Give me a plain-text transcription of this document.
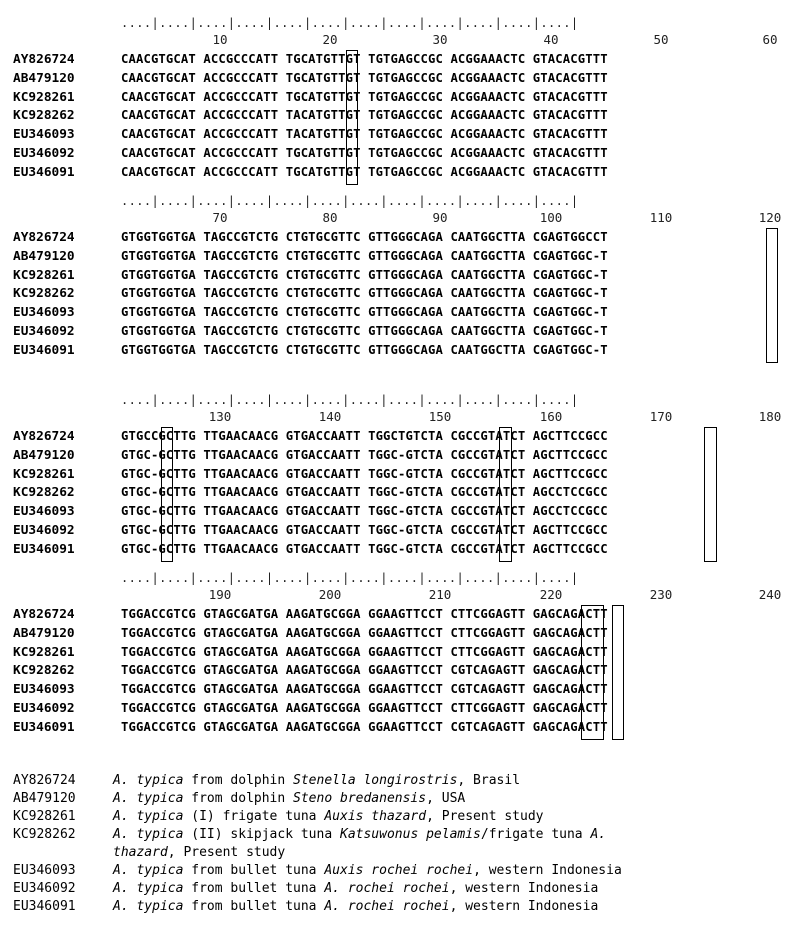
....|....|....|....|....|....|....|....|....|....|....|....|
10	20	30	40	50	60
AY826724	CAACGTGCAT ACCGCCCATT TGCATGTTGT TGTGAGCCGC ACGGAAACTC GTACACGTTT
AB479120	CAACGTGCAT ACCGCCCATT TGCATGTTGT TGTGAGCCGC ACGGAAACTC GTACACGTTT
KC928261	CAACGTGCAT ACCGCCCATT TGCATGTTGT TGTGAGCCGC ACGGAAACTC GTACACGTTT
KC928262	CAACGTGCAT ACCGCCCATT TACATGTTGT TGTGAGCCGC ACGGAAACTC GTACACGTTT
EU346093	CAACGTGCAT ACCGCCCATT TACATGTTGT TGTGAGCCGC ACGGAAACTC GTACACGTTT
EU346092	CAACGTGCAT ACCGCCCATT TGCATGTTGT TGTGAGCCGC ACGGAAACTC GTACACGTTT
EU346091	CAACGTGCAT ACCGCCCATT TGCATGTTGT TGTGAGCCGC ACGGAAACTC GTACACGTTT
....|....|....|....|....|....|....|....|....|....|....|....|
70	80	90	100	110	120
AY826724	GTGGTGGTGA TAGCCGTCTG CTGTGCGTTC GTTGGGCAGA CAATGGCTTA CGAGTGGCCT
AB479120	GTGGTGGTGA TAGCCGTCTG CTGTGCGTTC GTTGGGCAGA CAATGGCTTA CGAGTGGC-T
KC928261	GTGGTGGTGA TAGCCGTCTG CTGTGCGTTC GTTGGGCAGA CAATGGCTTA CGAGTGGC-T
KC928262	GTGGTGGTGA TAGCCGTCTG CTGTGCGTTC GTTGGGCAGA CAATGGCTTA CGAGTGGC-T
EU346093	GTGGTGGTGA TAGCCGTCTG CTGTGCGTTC GTTGGGCAGA CAATGGCTTA CGAGTGGC-T
EU346092	GTGGTGGTGA TAGCCGTCTG CTGTGCGTTC GTTGGGCAGA CAATGGCTTA CGAGTGGC-T
EU346091	GTGGTGGTGA TAGCCGTCTG CTGTGCGTTC GTTGGGCAGA CAATGGCTTA CGAGTGGC-T
....|....|....|....|....|....|....|....|....|....|....|....|
130	140	150	160	170	180
AY826724	GTGCCGCTTG TTGAACAACG GTGACCAATT TGGCTGTCTA CGCCGTATCT AGCTTCCGCC
AB479120	GTGC-GCTTG TTGAACAACG GTGACCAATT TGGC-GTCTA CGCCGTATCT AGCTTCCGCC
KC928261	GTGC-GCTTG TTGAACAACG GTGACCAATT TGGC-GTCTA CGCCGTATCT AGCTTCCGCC
KC928262	GTGC-GCTTG TTGAACAACG GTGACCAATT TGGC-GTCTA CGCCGTATCT AGCCTCCGCC
EU346093	GTGC-GCTTG TTGAACAACG GTGACCAATT TGGC-GTCTA CGCCGTATCT AGCCTCCGCC
EU346092	GTGC-GCTTG TTGAACAACG GTGACCAATT TGGC-GTCTA CGCCGTATCT AGCTTCCGCC
EU346091	GTGC-GCTTG TTGAACAACG GTGACCAATT TGGC-GTCTA CGCCGTATCT AGCTTCCGCC
....|....|....|....|....|....|....|....|....|....|....|....|
190	200	210	220	230	240
AY826724	TGGACCGTCG GTAGCGATGA AAGATGCGGA GGAAGTTCCT CTTCGGAGTT GAGCAGACTT
AB479120	TGGACCGTCG GTAGCGATGA AAGATGCGGA GGAAGTTCCT CTTCGGAGTT GAGCAGACTT
KC928261	TGGACCGTCG GTAGCGATGA AAGATGCGGA GGAAGTTCCT CTTCGGAGTT GAGCAGACTT
KC928262	TGGACCGTCG GTAGCGATGA AAGATGCGGA GGAAGTTCCT CGTCAGAGTT GAGCAGACTT
EU346093	TGGACCGTCG GTAGCGATGA AAGATGCGGA GGAAGTTCCT CGTCAGAGTT GAGCAGACTT
EU346092	TGGACCGTCG GTAGCGATGA AAGATGCGGA GGAAGTTCCT CTTCGGAGTT GAGCAGACTT
EU346091	TGGACCGTCG GTAGCGATGA AAGATGCGGA GGAAGTTCCT CGTCAGAGTT GAGCAGACTT
AY826724	A. typica from dolphin Stenella longirostris, Brasil
AB479120	A. typica from dolphin Steno bredanensis, USA
KC928261	A. typica (I) frigate tuna Auxis thazard, Present study
KC928262	A. typica (II) skipjack tuna Katsuwonus pelamis/frigate tuna A.
thazard, Present study
EU346093	A. typica from bullet tuna Auxis rochei rochei, western Indonesia
EU346092	A. typica from bullet tuna A. rochei rochei, western Indonesia
EU346091	A. typica from bullet tuna A. rochei rochei, western Indonesia
